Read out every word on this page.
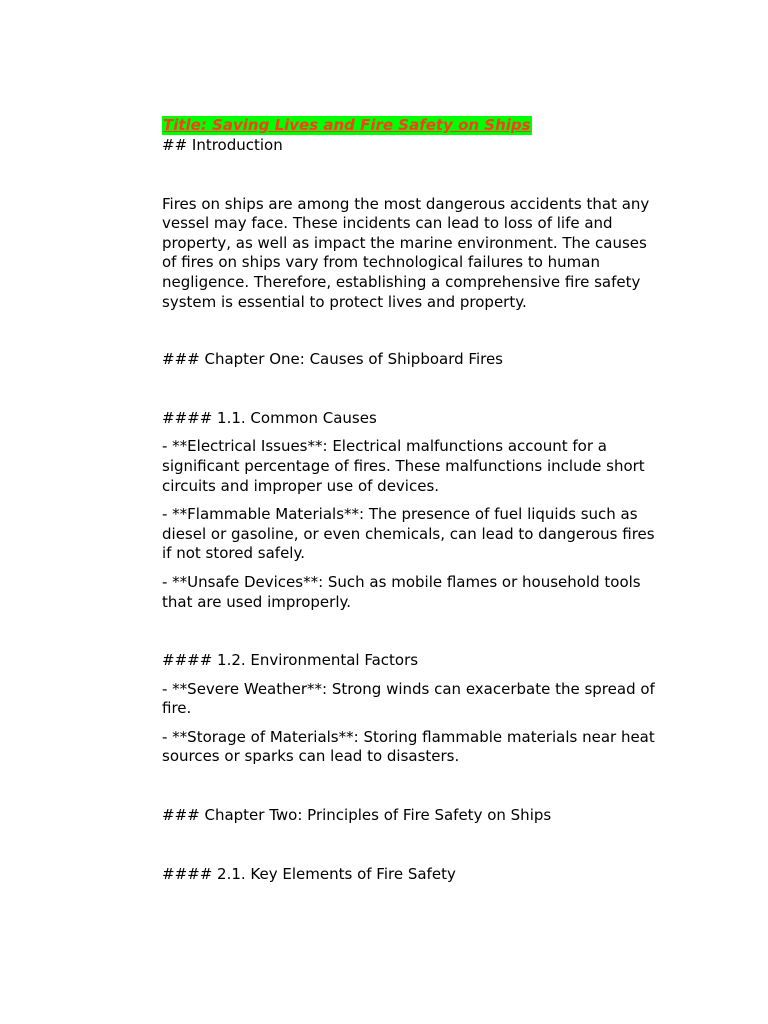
Title: Saving Lives and Fire Safety on Ships

## Introduction

Fires on ships are among the most dangerous accidents that any vessel may face. These incidents can lead to loss of life and property, as well as impact the marine environment. The causes of fires on ships vary from technological failures to human negligence. Therefore, establishing a comprehensive fire safety system is essential to protect lives and property.

### Chapter One: Causes of Shipboard Fires

#### 1.1. Common Causes

- **Electrical Issues**: Electrical malfunctions account for a significant percentage of fires. These malfunctions include short circuits and improper use of devices.

- **Flammable Materials**: The presence of fuel liquids such as diesel or gasoline, or even chemicals, can lead to dangerous fires if not stored safely.

- **Unsafe Devices**: Such as mobile flames or household tools that are used improperly.

#### 1.2. Environmental Factors

- **Severe Weather**: Strong winds can exacerbate the spread of fire.

- **Storage of Materials**: Storing flammable materials near heat sources or sparks can lead to disasters.

### Chapter Two: Principles of Fire Safety on Ships

#### 2.1. Key Elements of Fire Safety
